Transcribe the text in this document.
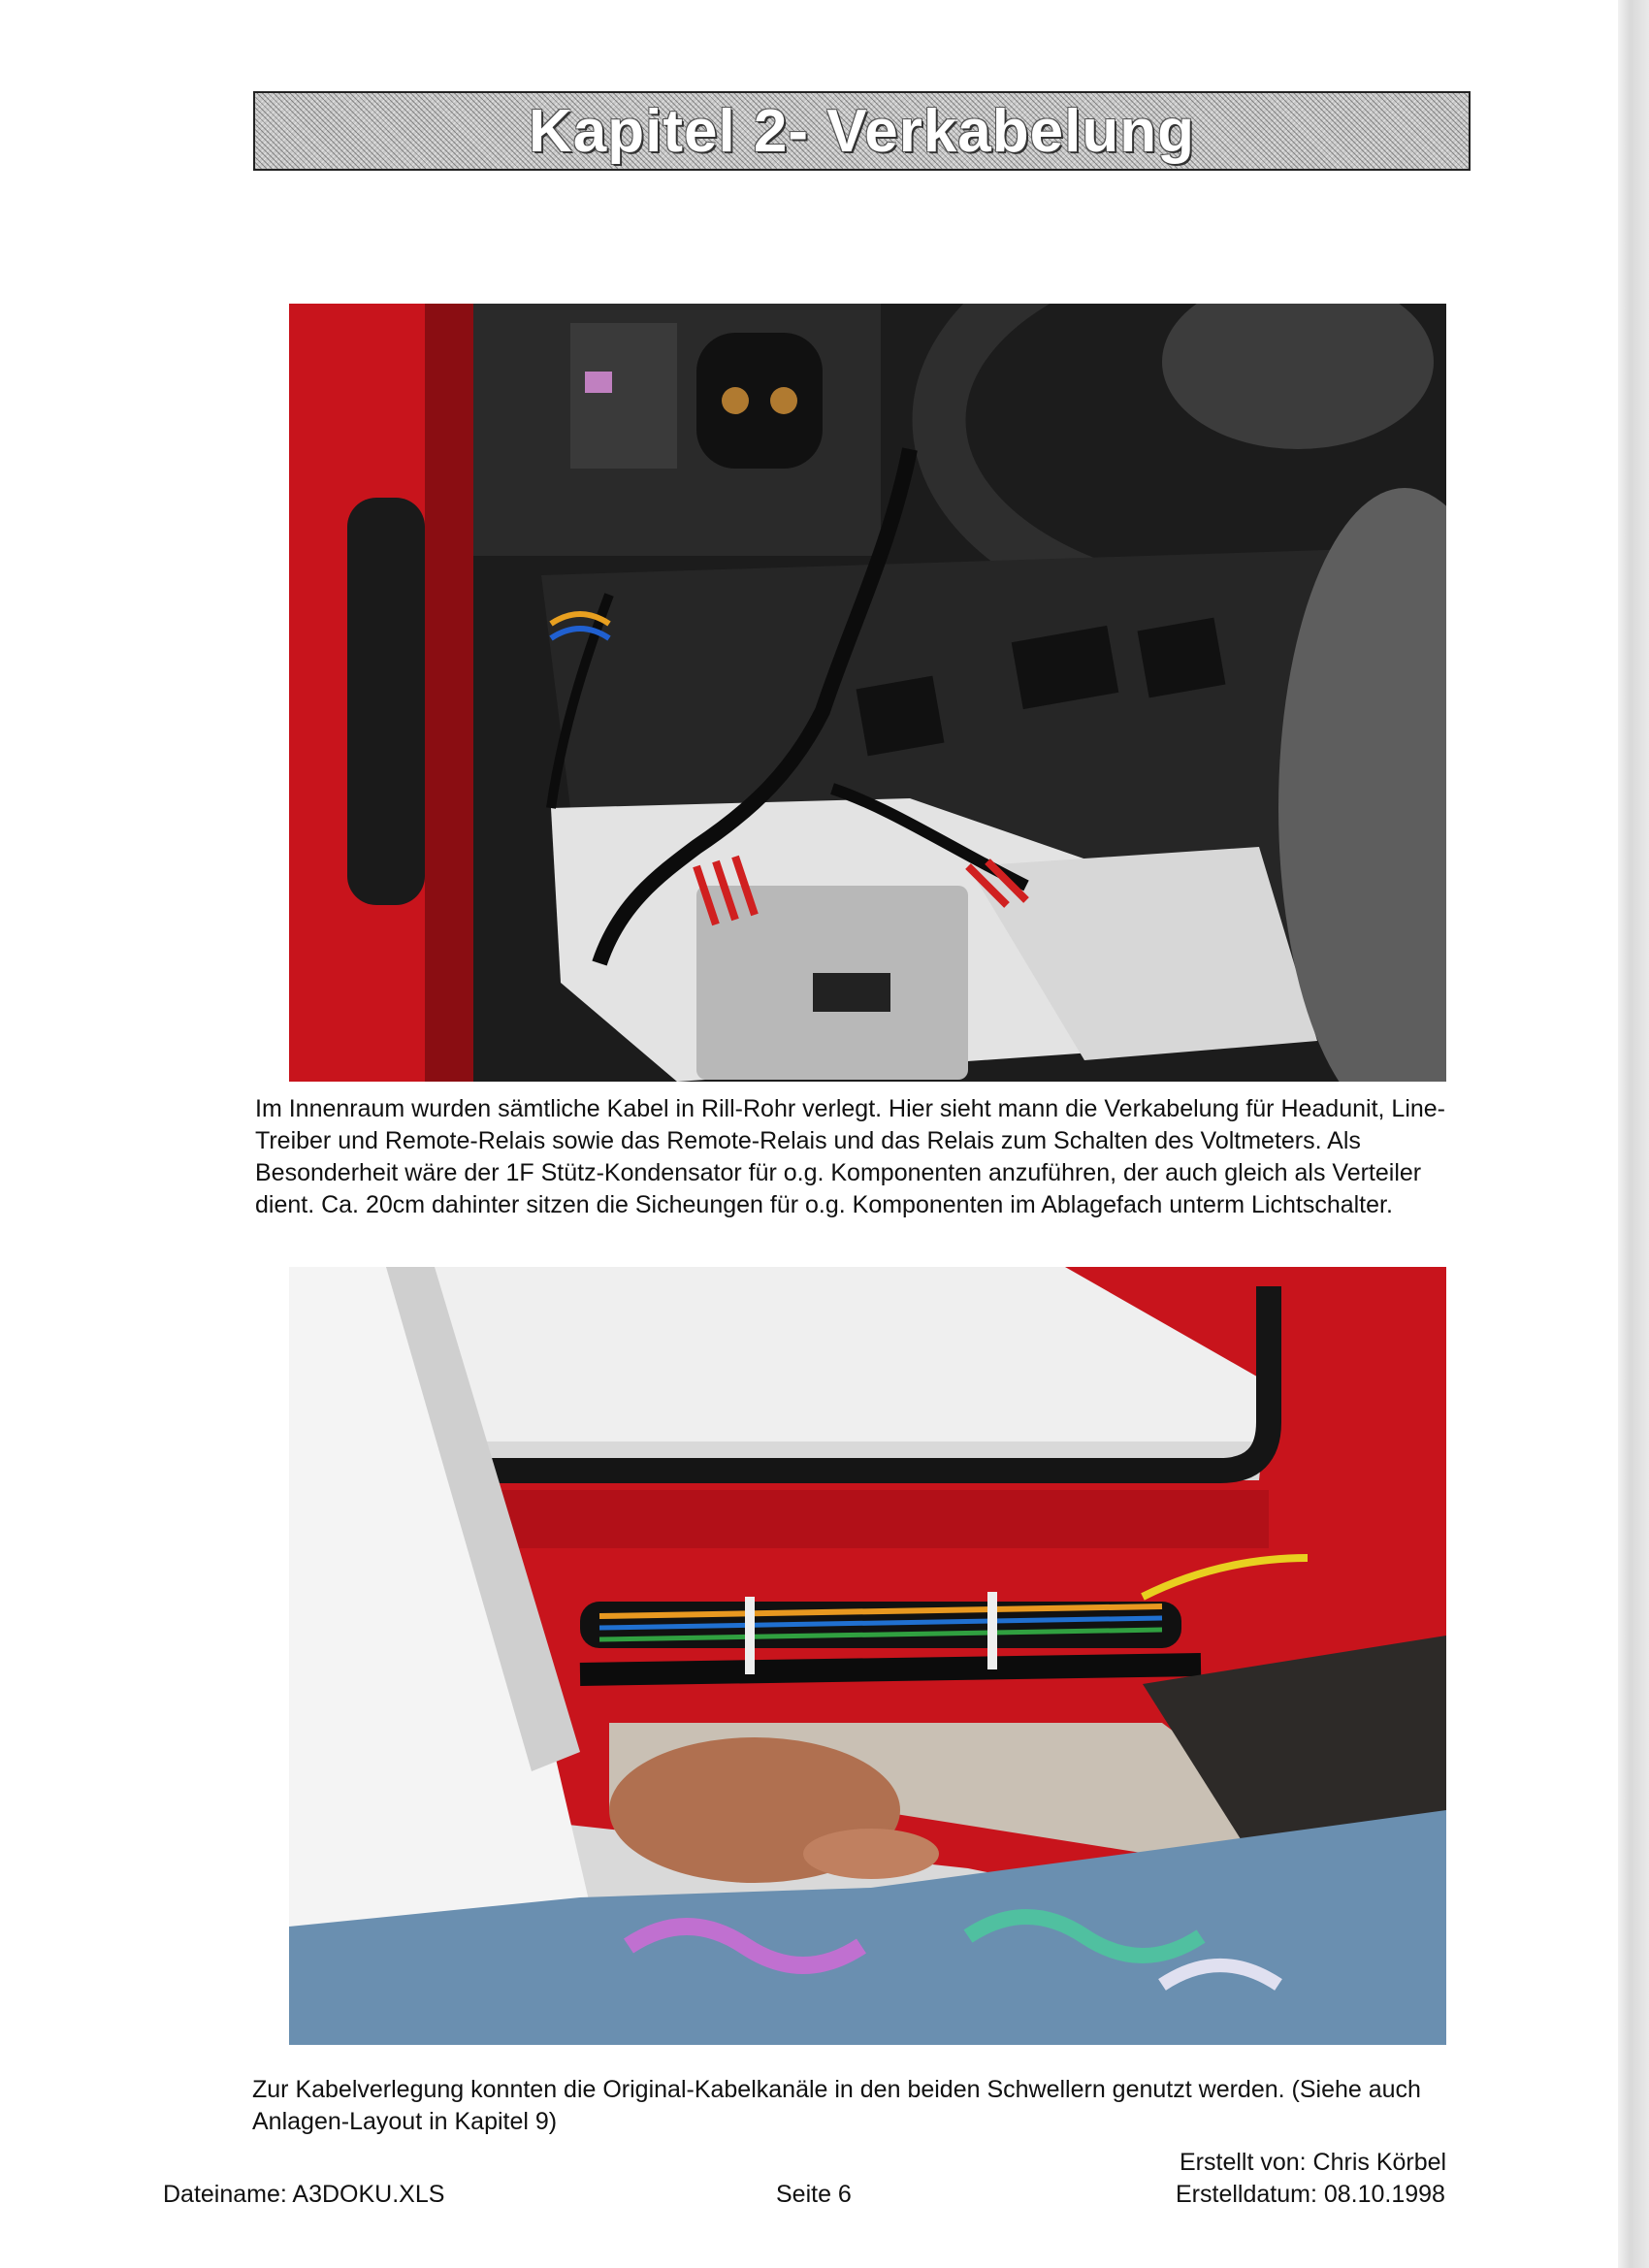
Kapitel 2- Verkabelung
Im Innenraum wurden sämtliche Kabel in Rill-Rohr verlegt. Hier sieht mann die Verkabelung für Headunit, Line-Treiber und Remote-Relais sowie das Remote-Relais und das Relais zum Schalten des Voltmeters. Als Besonderheit wäre der 1F Stütz-Kondensator für o.g. Komponenten anzuführen, der auch gleich als Verteiler dient. Ca. 20cm dahinter sitzen die Sicheungen für o.g. Komponenten im Ablagefach unterm Lichtschalter.
Zur Kabelverlegung konnten die Original-Kabelkanäle in den beiden Schwellern genutzt werden. (Siehe auch Anlagen-Layout in Kapitel 9)
Erstellt von: Chris Körbel
Dateiname: A3DOKU.XLS	Seite 6	Erstelldatum: 08.10.1998
